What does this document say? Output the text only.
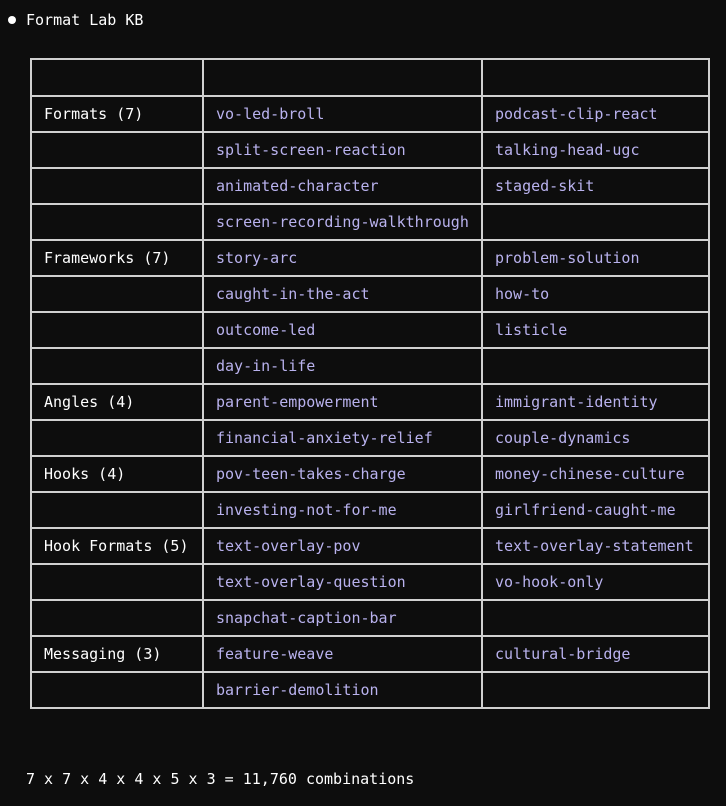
Format Lab KB

Formats (7)	vo-led-broll	podcast-clip-react
	split-screen-reaction	talking-head-ugc
	animated-character	staged-skit
	screen-recording-walkthrough	
Frameworks (7)	story-arc	problem-solution
	caught-in-the-act	how-to
	outcome-led	listicle
	day-in-life	
Angles (4)	parent-empowerment	immigrant-identity
	financial-anxiety-relief	couple-dynamics
Hooks (4)	pov-teen-takes-charge	money-chinese-culture
	investing-not-for-me	girlfriend-caught-me
Hook Formats (5)	text-overlay-pov	text-overlay-statement
	text-overlay-question	vo-hook-only
	snapchat-caption-bar	
Messaging (3)	feature-weave	cultural-bridge
	barrier-demolition	
7 x 7 x 4 x 4 x 5 x 3 = 11,760 combinations
